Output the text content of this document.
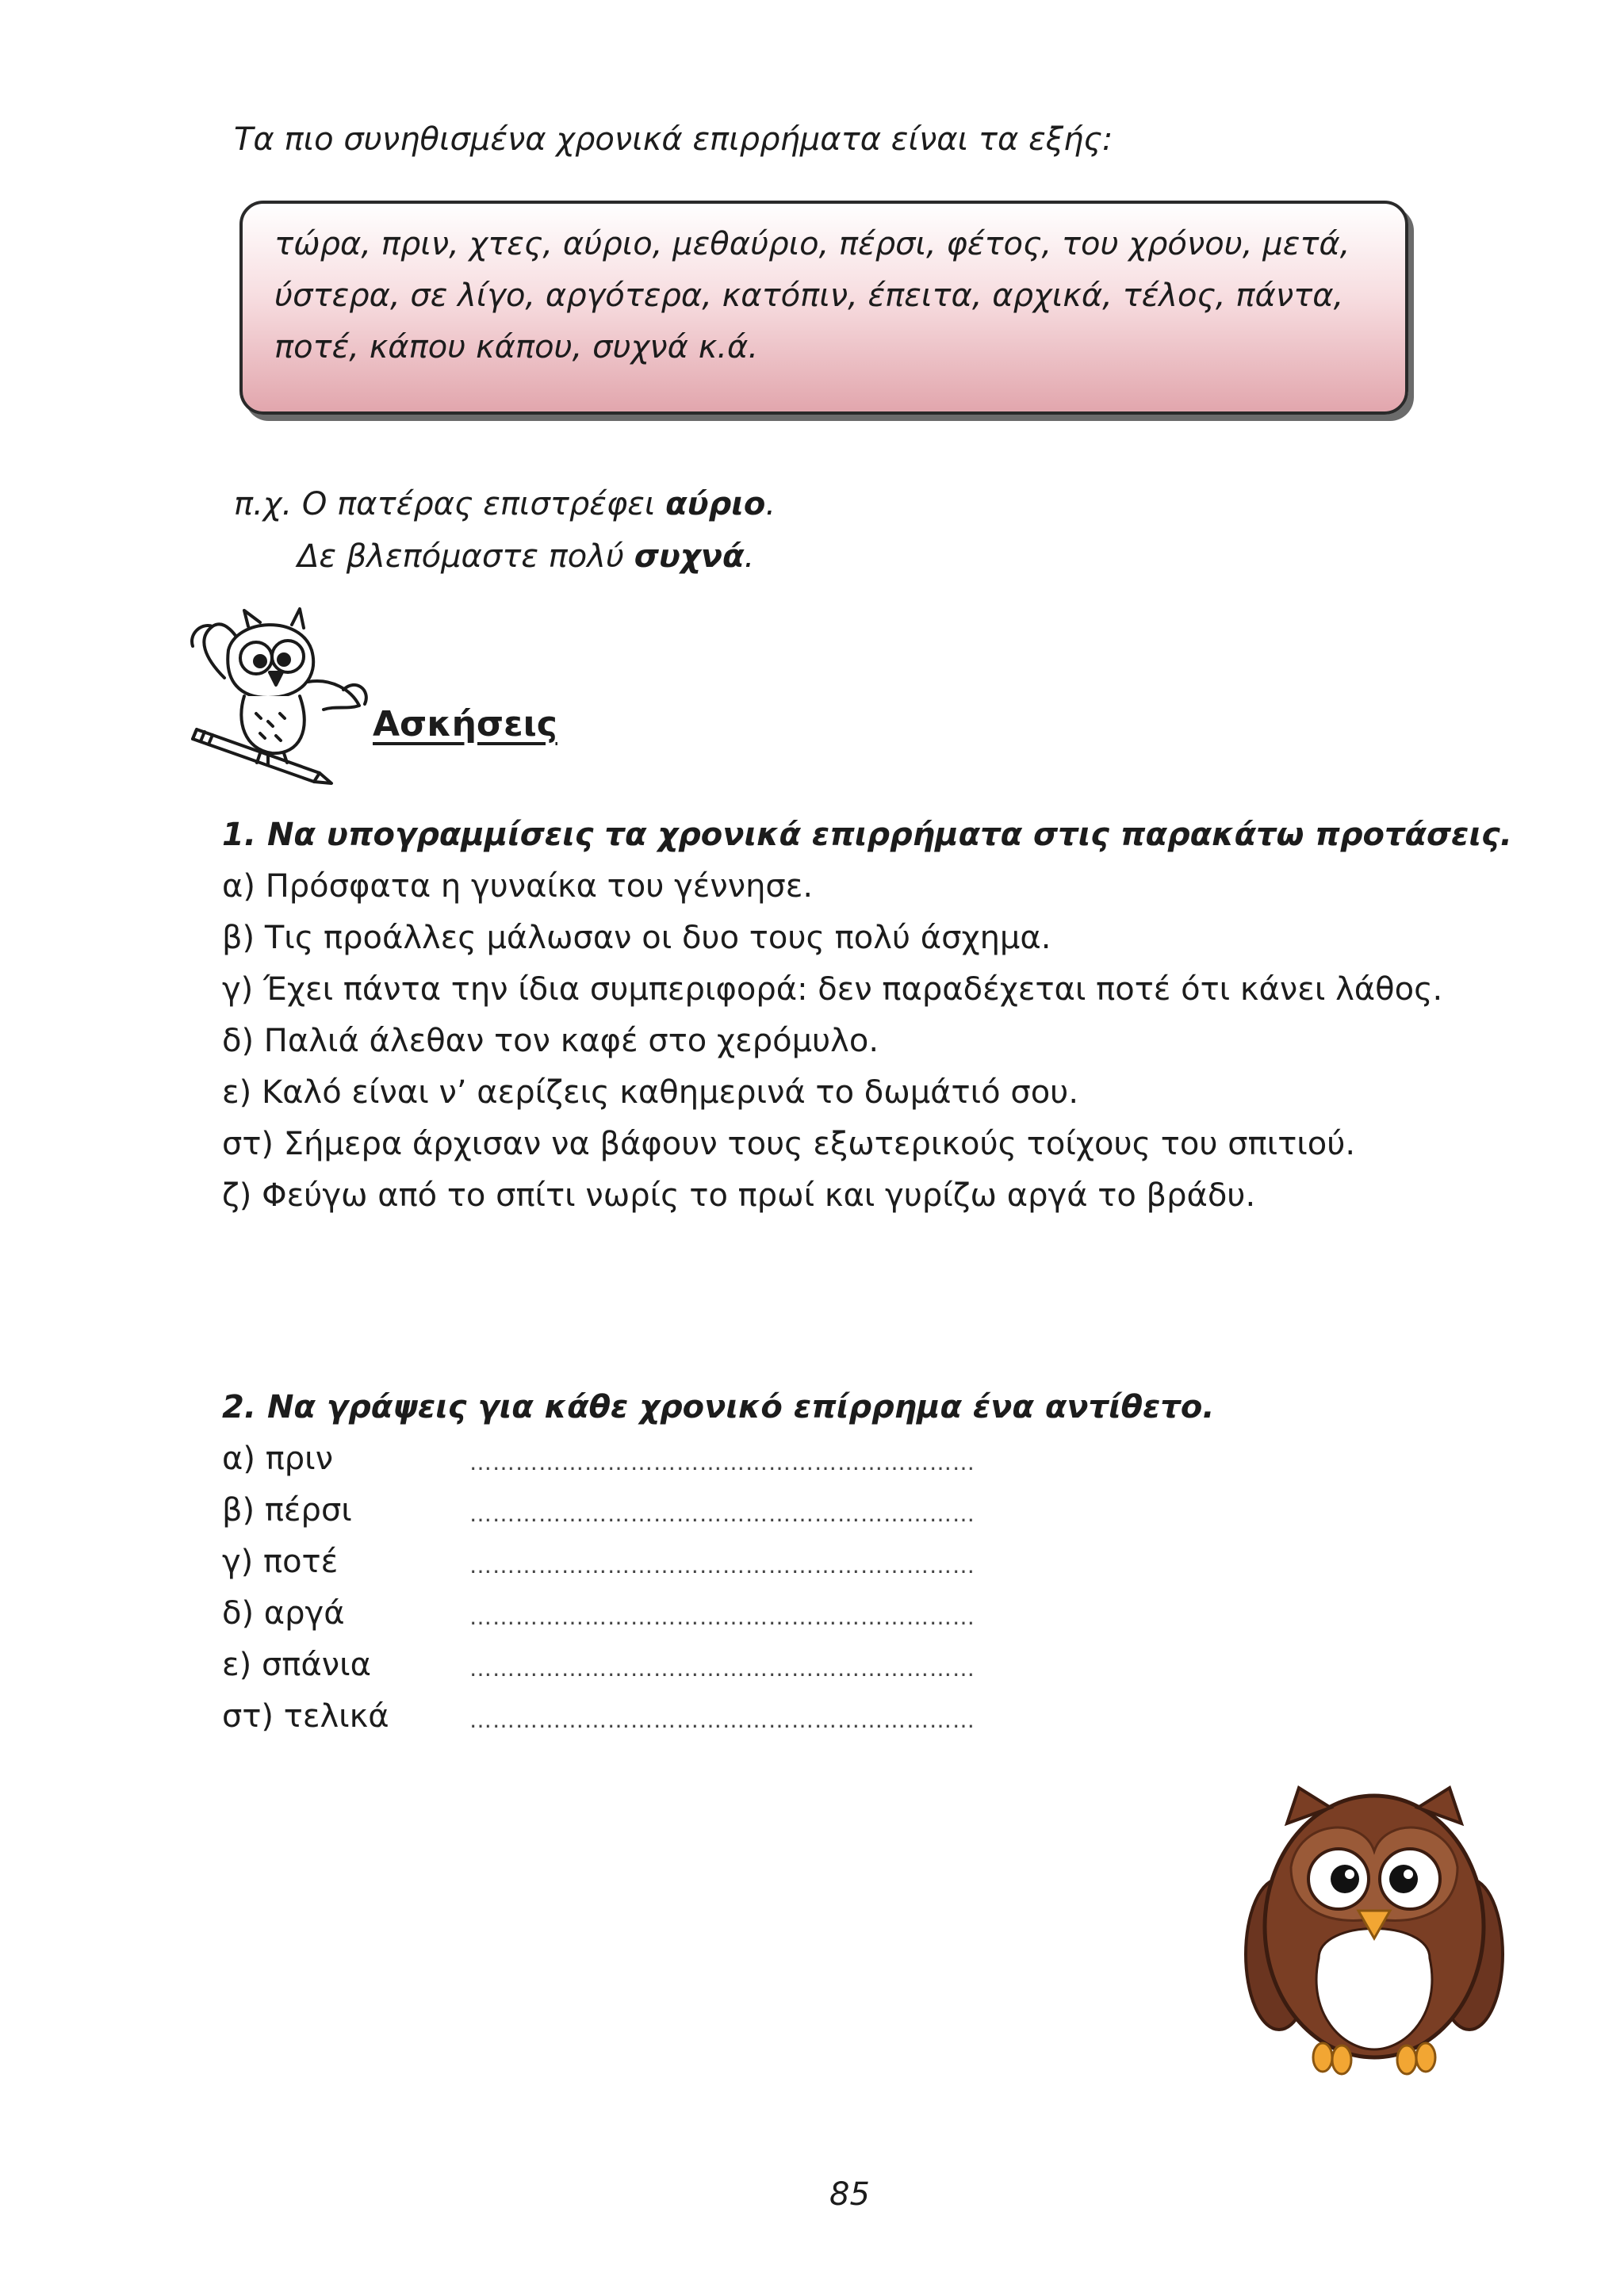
Τα πιο συνηθισμένα χρονικά επιρρήματα είναι τα εξής:
τώρα, πριν, χτες, αύριο, μεθαύριο, πέρσι, φέτος, του χρόνου, μετά,
ύστερα, σε λίγο, αργότερα, κατόπιν, έπειτα, αρχικά, τέλος, πάντα,
ποτέ, κάπου κάπου, συχνά κ.ά.
π.χ. Ο πατέρας επιστρέφει αύριο.
Δε βλεπόμαστε πολύ συχνά.
Ασκήσεις
1. Να υπογραμμίσεις τα χρονικά επιρρήματα στις παρακάτω προτάσεις.
α) Πρόσφατα η γυναίκα του γέννησε.
β) Τις προάλλες μάλωσαν οι δυο τους πολύ άσχημα.
γ) Έχει πάντα την ίδια συμπεριφορά: δεν παραδέχεται ποτέ ότι κάνει λάθος.
δ) Παλιά άλεθαν τον καφέ στο χερόμυλο.
ε) Καλό είναι ν’ αερίζεις καθημερινά το δωμάτιό σου.
στ) Σήμερα άρχισαν να βάφουν τους εξωτερικούς τοίχους του σπιτιού.
ζ) Φεύγω από το σπίτι νωρίς το πρωί και γυρίζω αργά το βράδυ.
2. Να γράψεις για κάθε χρονικό επίρρημα ένα αντίθετο.
α) πριν	…………………………………………………………
β) πέρσι	…………………………………………………………
γ) ποτέ	…………………………………………………………
δ) αργά	…………………………………………………………
ε) σπάνια	…………………………………………………………
στ) τελικά	…………………………………………………………
85
